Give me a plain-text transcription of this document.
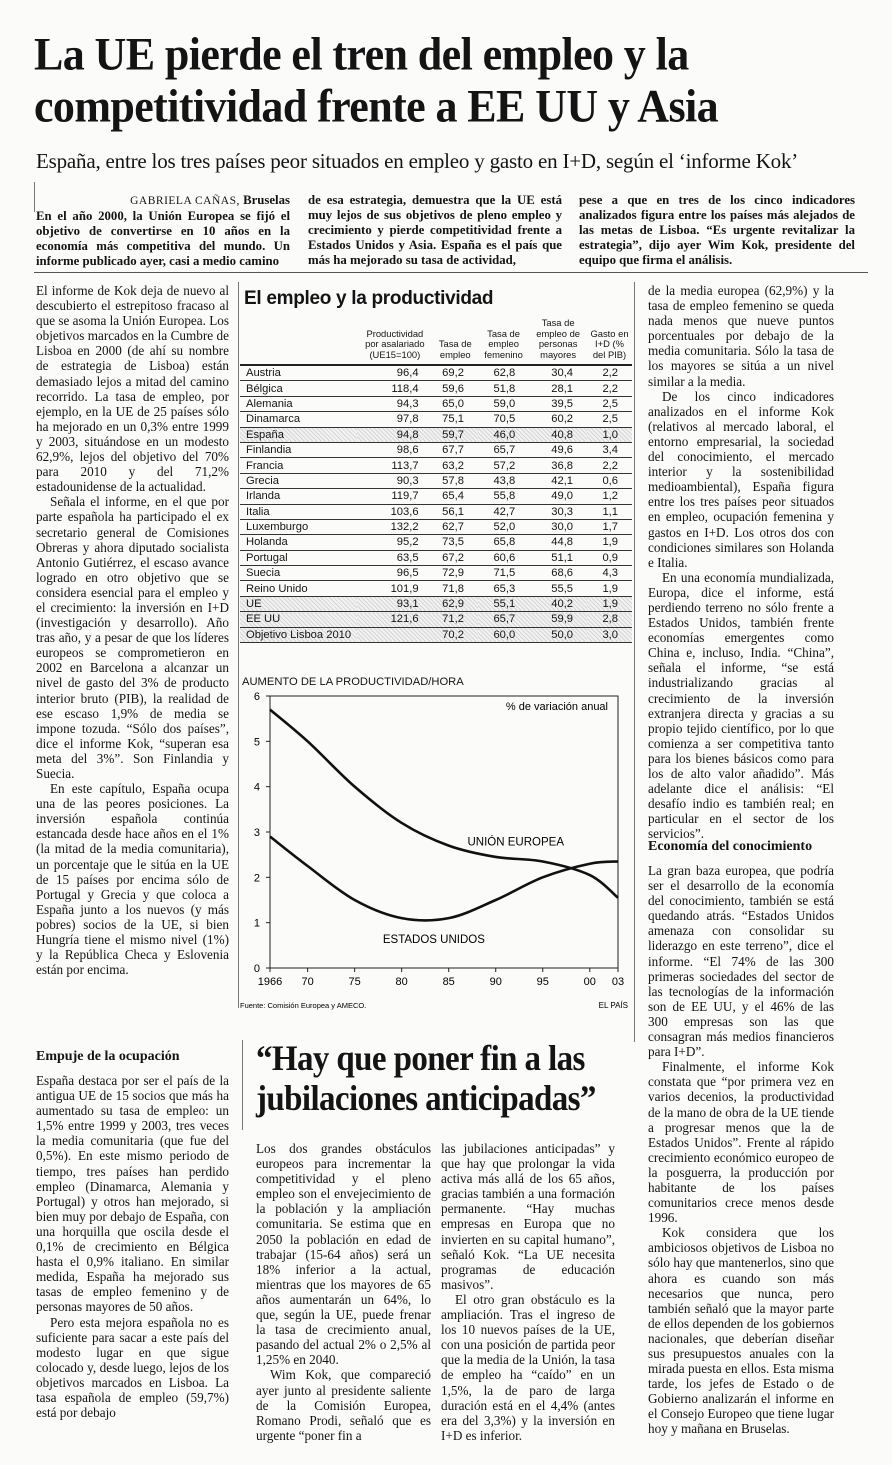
La UE pierde el tren del empleo y la competitividad frente a EE UU y Asia
España, entre los tres países peor situados en empleo y gasto en I+D, según el ‘informe Kok’
GABRIELA CAÑAS, Bruselas

En el año 2000, la Unión Europea se fijó el objetivo de convertirse en 10 años en la economía más competitiva del mundo. Un informe publicado ayer, casi a medio camino

de esa estrategia, demuestra que la UE está muy lejos de sus objetivos de pleno empleo y crecimiento y pierde competitividad frente a Estados Unidos y Asia. España es el país que más ha mejorado su tasa de actividad,

pese a que en tres de los cinco indicadores analizados figura entre los países más alejados de las metas de Lisboa. “Es urgente revitalizar la estrategia”, dijo ayer Wim Kok, presidente del equipo que firma el análisis.

El informe de Kok deja de nuevo al descubierto el estrepitoso fracaso al que se asoma la Unión Europea. Los objetivos marcados en la Cumbre de Lisboa en 2000 (de ahí su nombre de estrategia de Lisboa) están demasiado lejos a mitad del camino recorrido. La tasa de empleo, por ejemplo, en la UE de 25 países sólo ha mejorado en un 0,3% entre 1999 y 2003, situándose en un modesto 62,9%, lejos del objetivo del 70% para 2010 y del 71,2% estadounidense de la actualidad.

Señala el informe, en el que por parte española ha participado el ex secretario general de Comisiones Obreras y ahora diputado socialista Antonio Gutiérrez, el escaso avance logrado en otro objetivo que se considera esencial para el empleo y el crecimiento: la inversión en I+D (investigación y desarrollo). Año tras año, y a pesar de que los líderes europeos se comprometieron en 2002 en Barcelona a alcanzar un nivel de gasto del 3% de producto interior bruto (PIB), la realidad de ese escaso 1,9% de media se impone tozuda. “Sólo dos países”, dice el informe Kok, “superan esa meta del 3%”. Son Finlandia y Suecia.

En este capítulo, España ocupa una de las peores posiciones. La inversión española continúa estancada desde hace años en el 1% (la mitad de la media comunitaria), un porcentaje que le sitúa en la UE de 15 países por encima sólo de Portugal y Grecia y que coloca a España junto a los nuevos (y más pobres) socios de la UE, si bien Hungría tiene el mismo nivel (1%) y la República Checa y Eslovenia están por encima.

Empuje de la ocupación

España destaca por ser el país de la antigua UE de 15 socios que más ha aumentado su tasa de empleo: un 1,5% entre 1999 y 2003, tres veces la media comunitaria (que fue del 0,5%). En este mismo periodo de tiempo, tres países han perdido empleo (Dinamarca, Alemania y Portugal) y otros han mejorado, si bien muy por debajo de España, con una horquilla que oscila desde el 0,1% de crecimiento en Bélgica hasta el 0,9% italiano. En similar medida, España ha mejorado sus tasas de empleo femenino y de personas mayores de 50 años.

Pero esta mejora española no es suficiente para sacar a este país del modesto lugar en que sigue colocado y, desde luego, lejos de los objetivos marcados en Lisboa. La tasa española de empleo (59,7%) está por debajo

El empleo y la productividad
	Productividad por asalariado (UE15=100)	Tasa de empleo	Tasa de empleo femenino	Tasa de empleo de personas mayores	Gasto en I+D (% del PIB)
Austria	96,4	69,2	62,8	30,4	2,2
Bélgica	118,4	59,6	51,8	28,1	2,2
Alemania	94,3	65,0	59,0	39,5	2,5
Dinamarca	97,8	75,1	70,5	60,2	2,5
España	94,8	59,7	46,0	40,8	1,0
Finlandia	98,6	67,7	65,7	49,6	3,4
Francia	113,7	63,2	57,2	36,8	2,2
Grecia	90,3	57,8	43,8	42,1	0,6
Irlanda	119,7	65,4	55,8	49,0	1,2
Italia	103,6	56,1	42,7	30,3	1,1
Luxemburgo	132,2	62,7	52,0	30,0	1,7
Holanda	95,2	73,5	65,8	44,8	1,9
Portugal	63,5	67,2	60,6	51,1	0,9
Suecia	96,5	72,9	71,5	68,6	4,3
Reino Unido	101,9	71,8	65,3	55,5	1,9
UE	93,1	62,9	55,1	40,2	1,9
EE UU	121,6	71,2	65,7	59,9	2,8
Objetivo Lisboa 2010		70,2	60,0	50,0	3,0
AUMENTO DE LA PRODUCTIVIDAD/HORA
0
1
2
3
4
5
6
1966 70	75	80	85	90	95	00 03
UNIÓN EUROPEA
ESTADOS UNIDOS
% de variación anual
Fuente: Comisión Europea y AMECO.	EL PAÍS
“Hay que poner fin a las jubilaciones anticipadas”

Los dos grandes obstáculos europeos para incrementar la competitividad y el pleno empleo son el envejecimiento de la población y la ampliación comunitaria. Se estima que en 2050 la población en edad de trabajar (15-64 años) será un 18% inferior a la actual, mientras que los mayores de 65 años aumentarán un 64%, lo que, según la UE, puede frenar la tasa de crecimiento anual, pasando del actual 2% o 2,5% al 1,25% en 2040.

Wim Kok, que compareció ayer junto al presidente saliente de la Comisión Europea, Romano Prodi, señaló que es urgente “poner fin a

las jubilaciones anticipadas” y que hay que prolongar la vida activa más allá de los 65 años, gracias también a una formación permanente. “Hay muchas empresas en Europa que no invierten en su capital humano”, señaló Kok. “La UE necesita programas de educación masivos”.

El otro gran obstáculo es la ampliación. Tras el ingreso de los 10 nuevos países de la UE, con una posición de partida peor que la media de la Unión, la tasa de empleo ha “caído” en un 1,5%, la de paro de larga duración está en el 4,4% (antes era del 3,3%) y la inversión en I+D es inferior.

de la media europea (62,9%) y la tasa de empleo femenino se queda nada menos que nueve puntos porcentuales por debajo de la media comunitaria. Sólo la tasa de los mayores se sitúa a un nivel similar a la media.

De los cinco indicadores analizados en el informe Kok (relativos al mercado laboral, el entorno empresarial, la sociedad del conocimiento, el mercado interior y la sostenibilidad medioambiental), España figura entre los tres países peor situados en empleo, ocupación femenina y gastos en I+D. Los otros dos con condiciones similares son Holanda e Italia.

En una economía mundializada, Europa, dice el informe, está perdiendo terreno no sólo frente a Estados Unidos, también frente economías emergentes como China e, incluso, India. “China”, señala el informe, “se está industrializando gracias al crecimiento de la inversión extranjera directa y gracias a su propio tejido científico, por lo que comienza a ser competitiva tanto para los bienes básicos como para los de alto valor añadido”. Más adelante dice el análisis: “El desafío indio es también real; en particular en el sector de los servicios”.

Economía del conocimiento

La gran baza europea, que podría ser el desarrollo de la economía del conocimiento, también se está quedando atrás. “Estados Unidos amenaza con consolidar su liderazgo en este terreno”, dice el informe. “El 74% de las 300 primeras sociedades del sector de las tecnologías de la información son de EE UU, y el 46% de las 300 empresas son las que consagran más medios financieros para I+D”.

Finalmente, el informe Kok constata que “por primera vez en varios decenios, la productividad de la mano de obra de la UE tiende a progresar menos que la de Estados Unidos”. Frente al rápido crecimiento económico europeo de la posguerra, la producción por habitante de los países comunitarios crece menos desde 1996.

Kok considera que los ambiciosos objetivos de Lisboa no sólo hay que mantenerlos, sino que ahora es cuando son más necesarios que nunca, pero también señaló que la mayor parte de ellos dependen de los gobiernos nacionales, que deberían diseñar sus presupuestos anuales con la mirada puesta en ellos. Esta misma tarde, los jefes de Estado o de Gobierno analizarán el informe en el Consejo Europeo que tiene lugar hoy y mañana en Bruselas.
